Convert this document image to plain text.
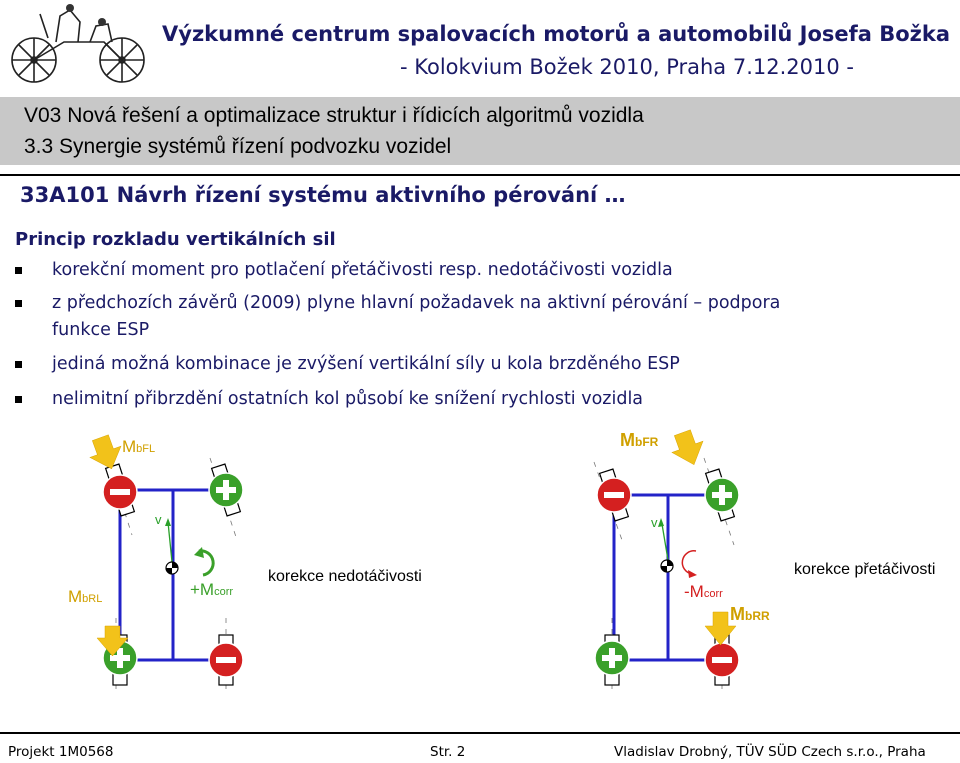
Výzkumné centrum spalovacích motorů a automobilů Josefa Božka
- Kolokvium Božek 2010, Praha 7.12.2010 -
V03 Nová řešení a optimalizace struktur i řídicích algoritmů vozidla
3.3 Synergie systémů řízení podvozku vozidel
33A101 Návrh řízení systému aktivního pérování …
Princip rozkladu vertikálních sil
korekční moment pro potlačení přetáčivosti resp. nedotáčivosti vozidla
z předchozích závěrů (2009) plyne hlavní požadavek na aktivní pérování – podpora
funkce ESP
jediná možná kombinace je zvýšení vertikální síly u kola brzděného ESP
nelimitní přibrzdění ostatních kol působí ke snížení rychlosti vozidla
MbFL
MbRL
v
+Mcorr
korekce nedotáčivosti
MbFR
MbRR
v
-Mcorr
korekce přetáčivosti
Projekt 1M0568	Str. 2	Vladislav Drobný, TÜV SÜD Czech s.r.o., Praha
